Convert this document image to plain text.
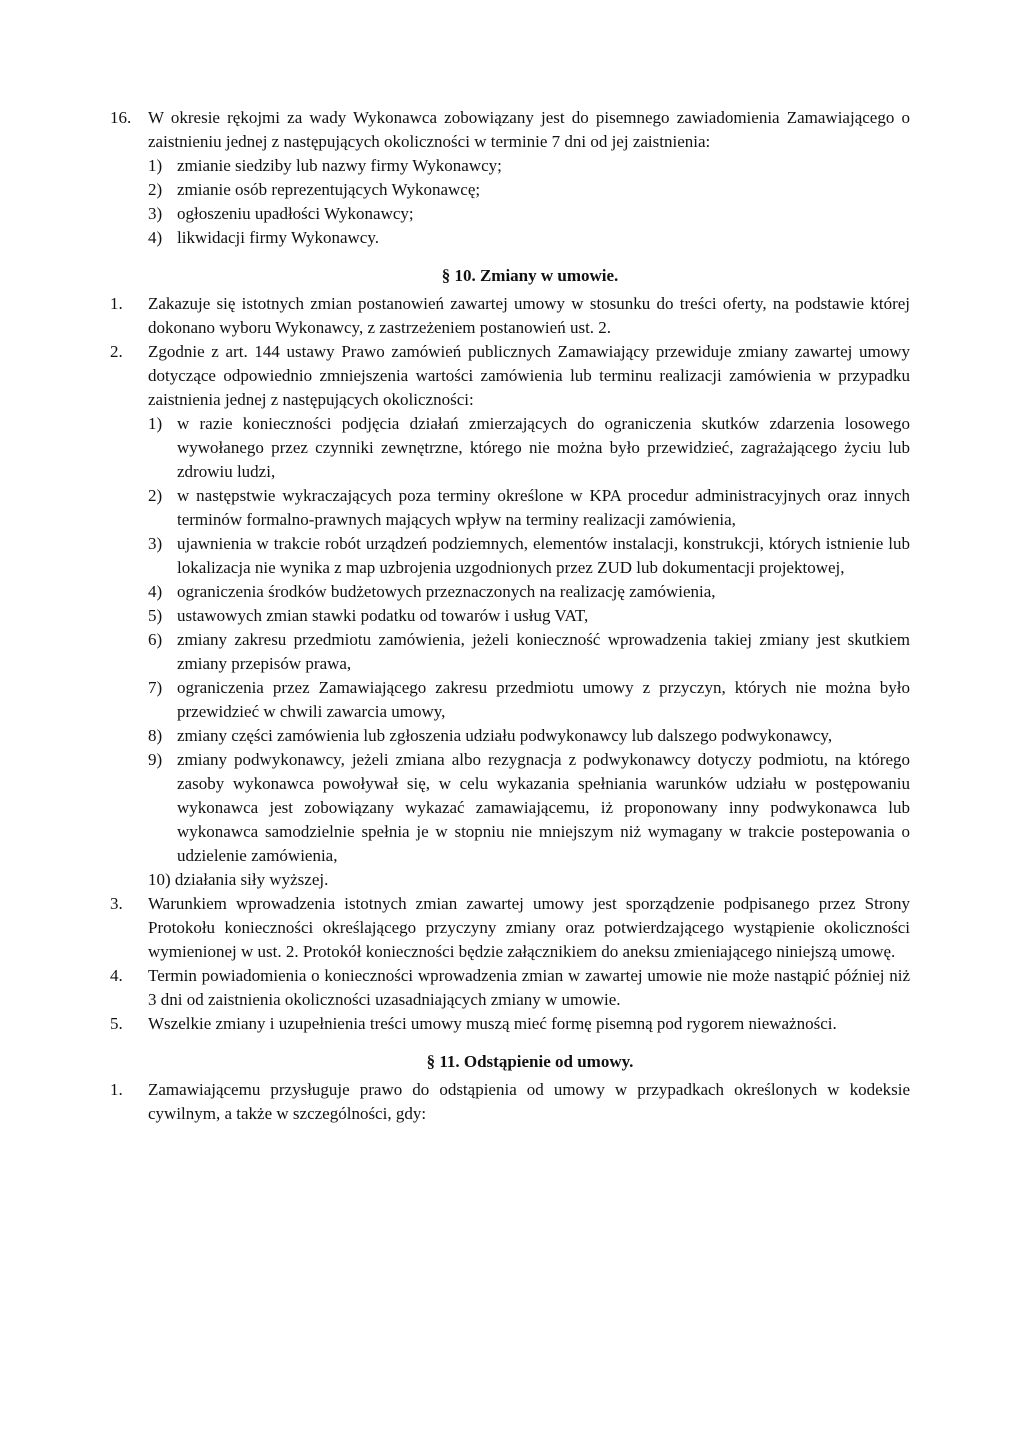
16. W okresie rękojmi za wady Wykonawca zobowiązany jest do pisemnego zawiadomienia Zamawiającego o zaistnieniu jednej z następujących okoliczności w terminie 7 dni od jej zaistnienia:

1) zmianie siedziby lub nazwy firmy Wykonawcy;

2) zmianie osób reprezentujących Wykonawcę;

3) ogłoszeniu upadłości Wykonawcy;

4) likwidacji firmy Wykonawcy.

§ 10. Zmiany w umowie.

1. Zakazuje się istotnych zmian postanowień zawartej umowy w stosunku do treści oferty, na podstawie której dokonano wyboru Wykonawcy, z zastrzeżeniem postanowień ust. 2.

2. Zgodnie z art. 144 ustawy Prawo zamówień publicznych Zamawiający przewiduje zmiany zawartej umowy dotyczące odpowiednio zmniejszenia wartości zamówienia lub terminu realizacji zamówienia w przypadku zaistnienia jednej z następujących okoliczności:

1) w razie konieczności podjęcia działań zmierzających do ograniczenia skutków zdarzenia losowego wywołanego przez czynniki zewnętrzne, którego nie można było przewidzieć, zagrażającego życiu lub zdrowiu ludzi,

2) w następstwie wykraczających poza terminy określone w KPA procedur administracyjnych oraz innych terminów formalno-prawnych mających wpływ na terminy realizacji zamówienia,

3) ujawnienia w trakcie robót urządzeń podziemnych, elementów instalacji, konstrukcji, których istnienie lub lokalizacja nie wynika z map uzbrojenia uzgodnionych przez ZUD lub dokumentacji projektowej,

4) ograniczenia środków budżetowych przeznaczonych na realizację zamówienia,

5) ustawowych zmian stawki podatku od towarów i usług VAT,

6) zmiany zakresu przedmiotu zamówienia, jeżeli konieczność wprowadzenia takiej zmiany jest skutkiem zmiany przepisów prawa,

7) ograniczenia przez Zamawiającego zakresu przedmiotu umowy z przyczyn, których nie można było przewidzieć w chwili zawarcia umowy,

8) zmiany części zamówienia lub zgłoszenia udziału podwykonawcy lub dalszego podwykonawcy,

9) zmiany podwykonawcy, jeżeli zmiana albo rezygnacja z podwykonawcy dotyczy podmiotu, na którego zasoby wykonawca powoływał się, w celu wykazania spełniania warunków udziału w postępowaniu wykonawca jest zobowiązany wykazać zamawiającemu, iż proponowany inny podwykonawca lub wykonawca samodzielnie spełnia je w stopniu nie mniejszym niż wymagany w trakcie postepowania o udzielenie zamówienia,

10) działania siły wyższej.
3. Warunkiem wprowadzenia istotnych zmian zawartej umowy jest sporządzenie podpisanego przez Strony Protokołu konieczności określającego przyczyny zmiany oraz potwierdzającego wystąpienie okoliczności wymienionej w ust. 2. Protokół konieczności będzie załącznikiem do aneksu zmieniającego niniejszą umowę.

4. Termin powiadomienia o konieczności wprowadzenia zmian w zawartej umowie nie może nastąpić później niż 3 dni od zaistnienia okoliczności uzasadniających zmiany w umowie.

5. Wszelkie zmiany i uzupełnienia treści umowy muszą mieć formę pisemną pod rygorem nieważności.

§ 11. Odstąpienie od umowy.

1. Zamawiającemu przysługuje prawo do odstąpienia od umowy w przypadkach określonych w kodeksie cywilnym, a także w szczególności, gdy:
